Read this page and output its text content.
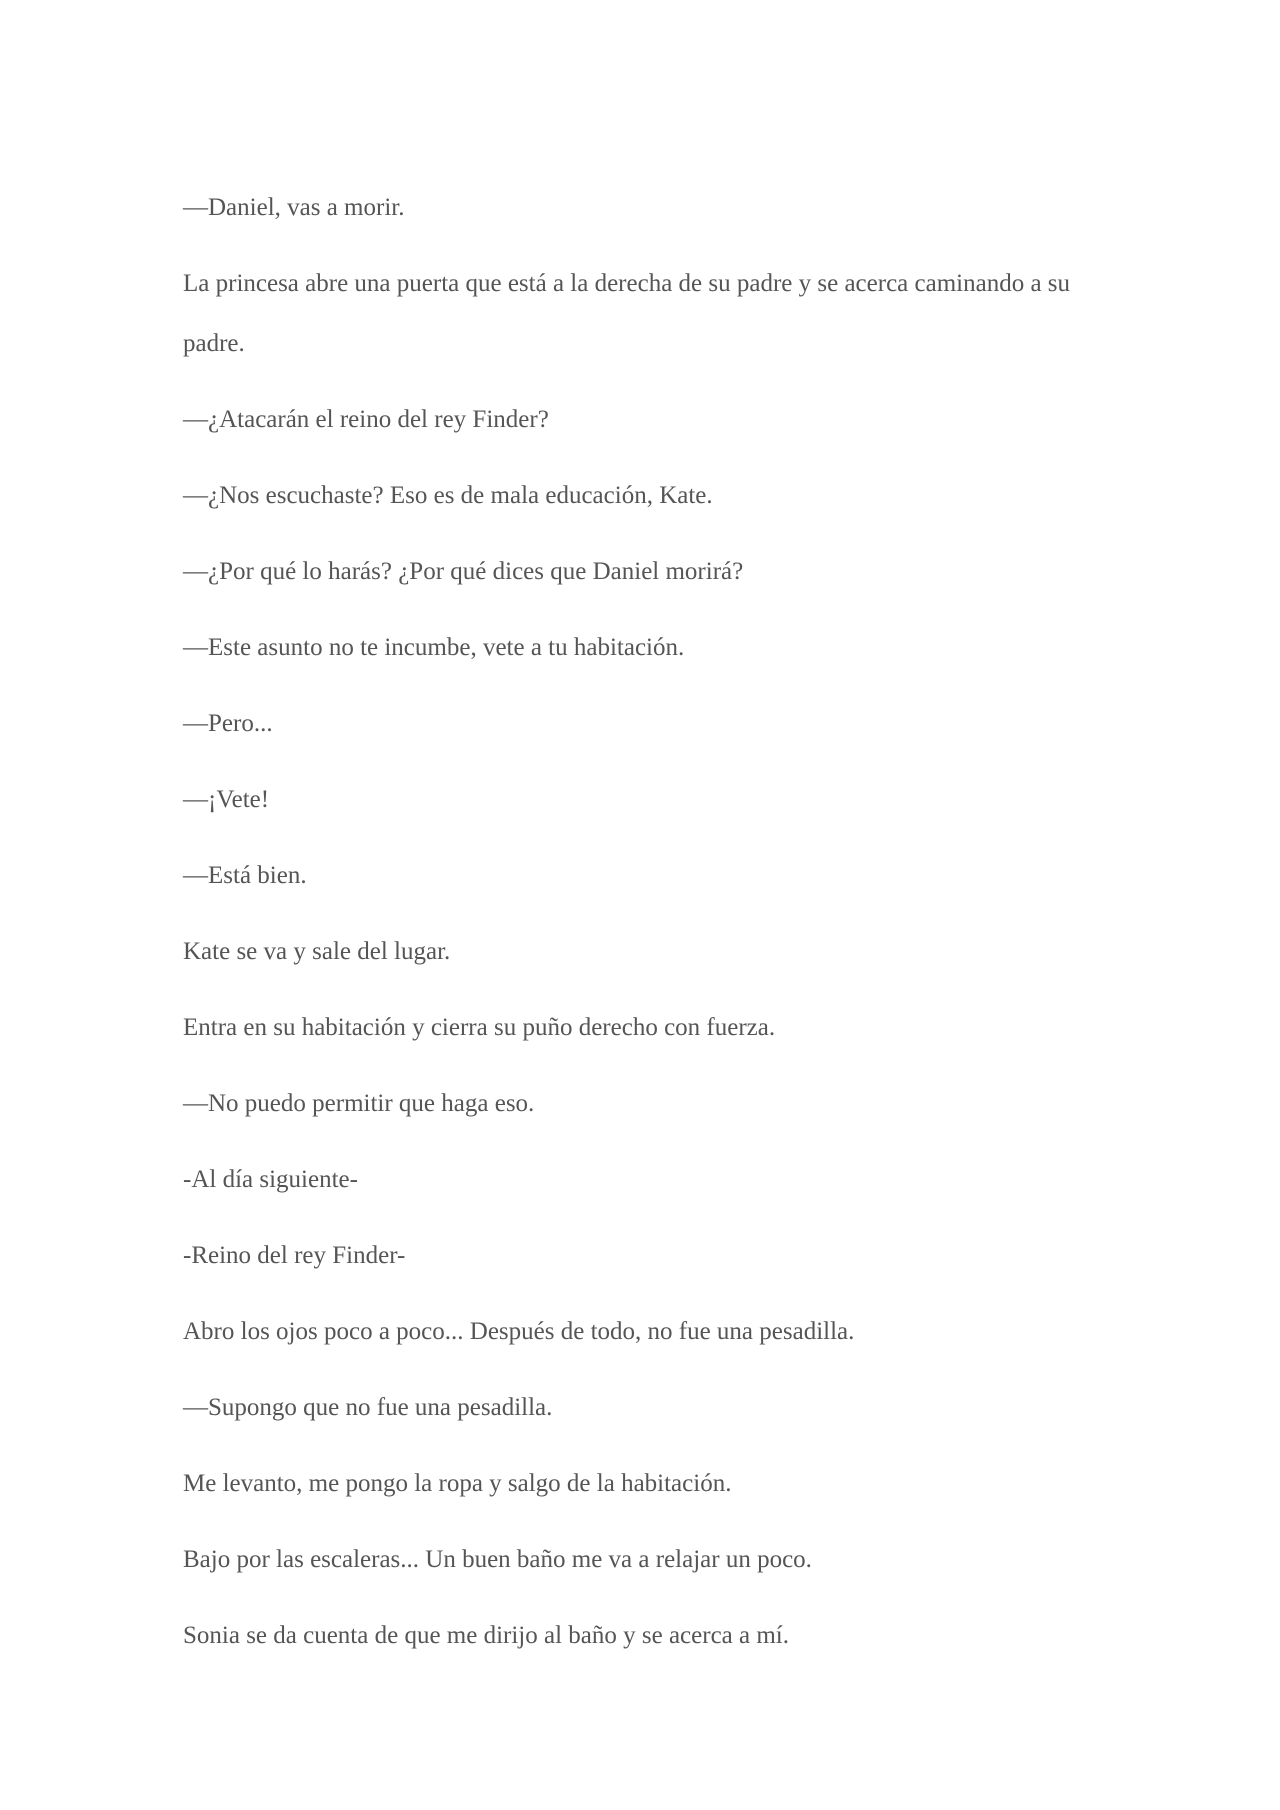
—Daniel, vas a morir.

La princesa abre una puerta que está a la derecha de su padre y se acerca caminando a su padre.

—¿Atacarán el reino del rey Finder?

—¿Nos escuchaste? Eso es de mala educación, Kate.

—¿Por qué lo harás? ¿Por qué dices que Daniel morirá?

—Este asunto no te incumbe, vete a tu habitación.

—Pero...

—¡Vete!

—Está bien.

Kate se va y sale del lugar.

Entra en su habitación y cierra su puño derecho con fuerza.

—No puedo permitir que haga eso.

-Al día siguiente-

-Reino del rey Finder-

Abro los ojos poco a poco... Después de todo, no fue una pesadilla.

—Supongo que no fue una pesadilla.

Me levanto, me pongo la ropa y salgo de la habitación.

Bajo por las escaleras... Un buen baño me va a relajar un poco.

Sonia se da cuenta de que me dirijo al baño y se acerca a mí.
